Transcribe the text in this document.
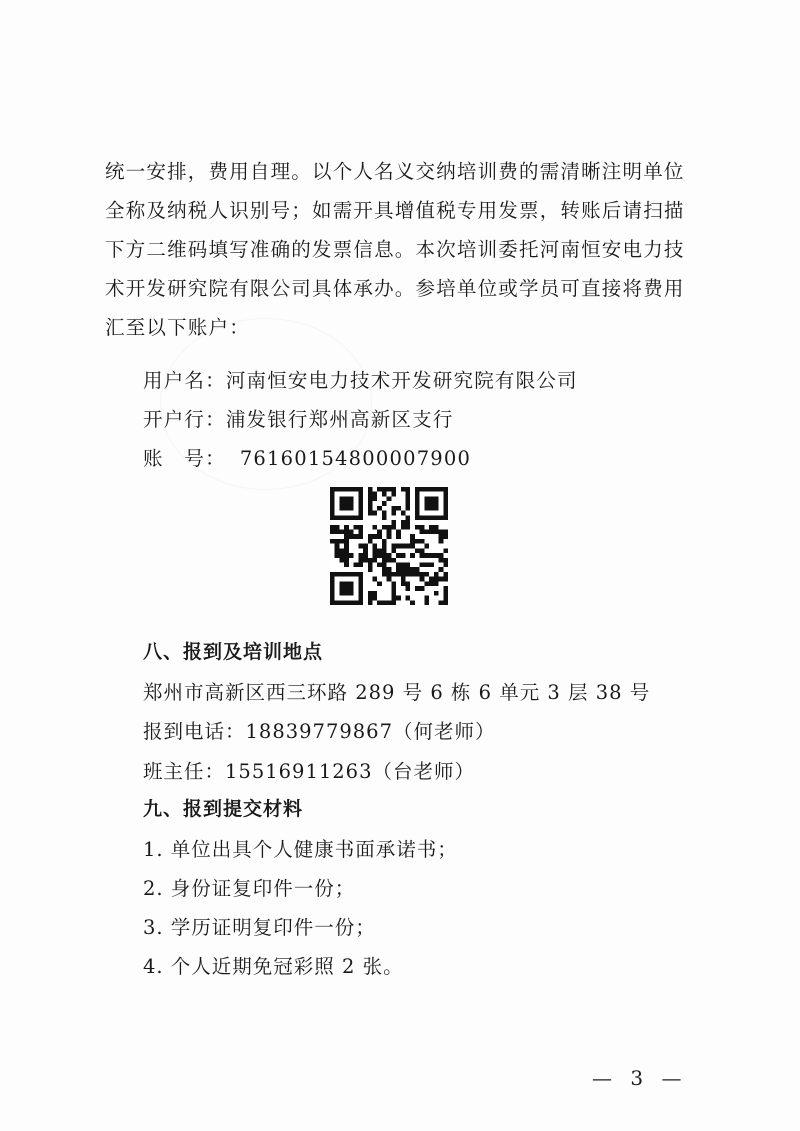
统一安排，费用自理。以个人名义交纳培训费的需清晰注明单位
全称及纳税人识别号；如需开具增值税专用发票，转账后请扫描
下方二维码填写准确的发票信息。本次培训委托河南恒安电力技
术开发研究院有限公司具体承办。参培单位或学员可直接将费用
汇至以下账户：
用户名：河南恒安电力技术开发研究院有限公司
开户行：浦发银行郑州高新区支行
账　号： 76160154800007900
八、报到及培训地点
郑州市高新区西三环路 289 号 6 栋 6 单元 3 层 38 号
报到电话：18839779867（何老师）
班主任：15516911263（台老师）
九、报到提交材料
1. 单位出具个人健康书面承诺书；
2. 身份证复印件一份；
3. 学历证明复印件一份；
4. 个人近期免冠彩照 2 张。
— 3 —
